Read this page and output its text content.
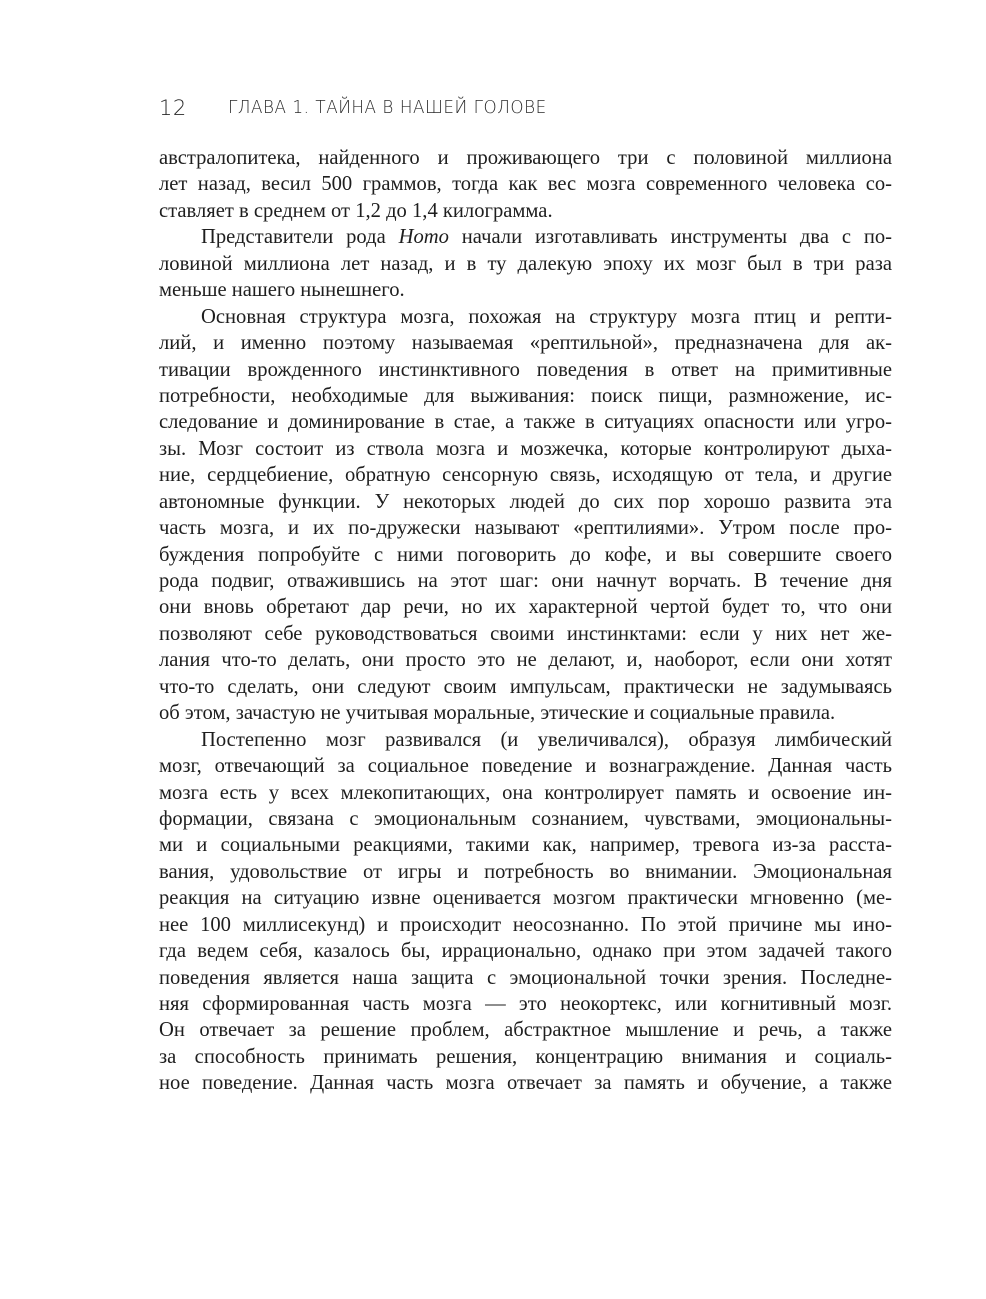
12 ГЛАВА 1. ТАЙНА В НАШЕЙ ГОЛОВЕ
австралопитека, найденного и проживающего три с половиной миллиона
лет назад, весил 500 граммов, тогда как вес мозга современного человека со-
ставляет в среднем от 1,2 до 1,4 килограмма.
Представители рода Homo начали изготавливать инструменты два с по-
ловиной миллиона лет назад, и в ту далекую эпоху их мозг был в три раза
меньше нашего нынешнего.
Основная структура мозга, похожая на структуру мозга птиц и репти-
лий, и именно поэтому называемая «рептильной», предназначена для ак-
тивации врожденного инстинктивного поведения в ответ на примитивные
потребности, необходимые для выживания: поиск пищи, размножение, ис-
следование и доминирование в стае, а также в ситуациях опасности или угро-
зы. Мозг состоит из ствола мозга и мозжечка, которые контролируют дыха-
ние, сердцебиение, обратную сенсорную связь, исходящую от тела, и другие
автономные функции. У некоторых людей до сих пор хорошо развита эта
часть мозга, и их по-дружески называют «рептилиями». Утром после про-
буждения попробуйте с ними поговорить до кофе, и вы совершите своего
рода подвиг, отважившись на этот шаг: они начнут ворчать. В течение дня
они вновь обретают дар речи, но их характерной чертой будет то, что они
позволяют себе руководствоваться своими инстинктами: если у них нет же-
лания что-то делать, они просто это не делают, и, наоборот, если они хотят
что-то сделать, они следуют своим импульсам, практически не задумываясь
об этом, зачастую не учитывая моральные, этические и социальные правила.
Постепенно мозг развивался (и увеличивался), образуя лимбический
мозг, отвечающий за социальное поведение и вознаграждение. Данная часть
мозга есть у всех млекопитающих, она контролирует память и освоение ин-
формации, связана с эмоциональным сознанием, чувствами, эмоциональны-
ми и социальными реакциями, такими как, например, тревога из-за расста-
вания, удовольствие от игры и потребность во внимании. Эмоциональная
реакция на ситуацию извне оценивается мозгом практически мгновенно (ме-
нее 100 миллисекунд) и происходит неосознанно. По этой причине мы ино-
гда ведем себя, казалось бы, иррационально, однако при этом задачей такого
поведения является наша защита с эмоциональной точки зрения. Последне-
няя сформированная часть мозга — это неокортекс, или когнитивный мозг.
Он отвечает за решение проблем, абстрактное мышление и речь, а также
за способность принимать решения, концентрацию внимания и социаль-
ное поведение. Данная часть мозга отвечает за память и обучение, а также
